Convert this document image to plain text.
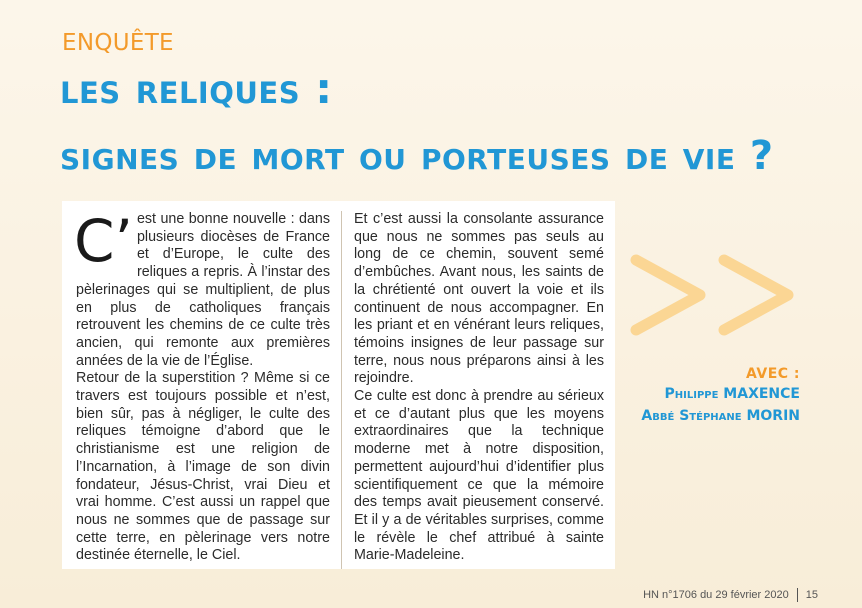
ENQUÊTE
les reliques :
signes de mort ou porteuses de vie ?

C’ est une bonne nouvelle : dans plusieurs diocèses de France et d’Europe, le culte des reliques a repris. À l’instar des pèlerinages qui se multiplient, de plus en plus de catholiques français retrouvent les chemins de ce culte très ancien, qui remonte aux premières années de la vie de l’Église.

Retour de la superstition ? Même si ce travers est toujours possible et n’est, bien sûr, pas à négliger, le culte des reliques témoigne d’abord que le christianisme est une religion de l’Incarnation, à l’image de son divin fondateur, Jésus-Christ, vrai Dieu et vrai homme. C’est aussi un rappel que nous ne sommes que de passage sur cette terre, en pèlerinage vers notre destinée éternelle, le Ciel.

Et c’est aussi la consolante assurance que nous ne sommes pas seuls au long de ce chemin, souvent semé d’embûches. Avant nous, les saints de la chrétienté ont ouvert la voie et ils continuent de nous accompagner. En les priant et en vénérant leurs reliques, témoins insignes de leur passage sur terre, nous nous préparons ainsi à les rejoindre.

Ce culte est donc à prendre au sérieux et ce d’autant plus que les moyens extraordinaires que la technique moderne met à notre disposition, permettent aujourd’hui d’identifier plus scientifiquement ce que la mémoire des temps avait pieusement conservé. Et il y a de véritables surprises, comme le révèle le chef attribué à sainte Marie-Madeleine.

AVEC :
Philippe MAXENCE
Abbé Stéphane MORIN
HN n°1706 du 29 février 2020 15
